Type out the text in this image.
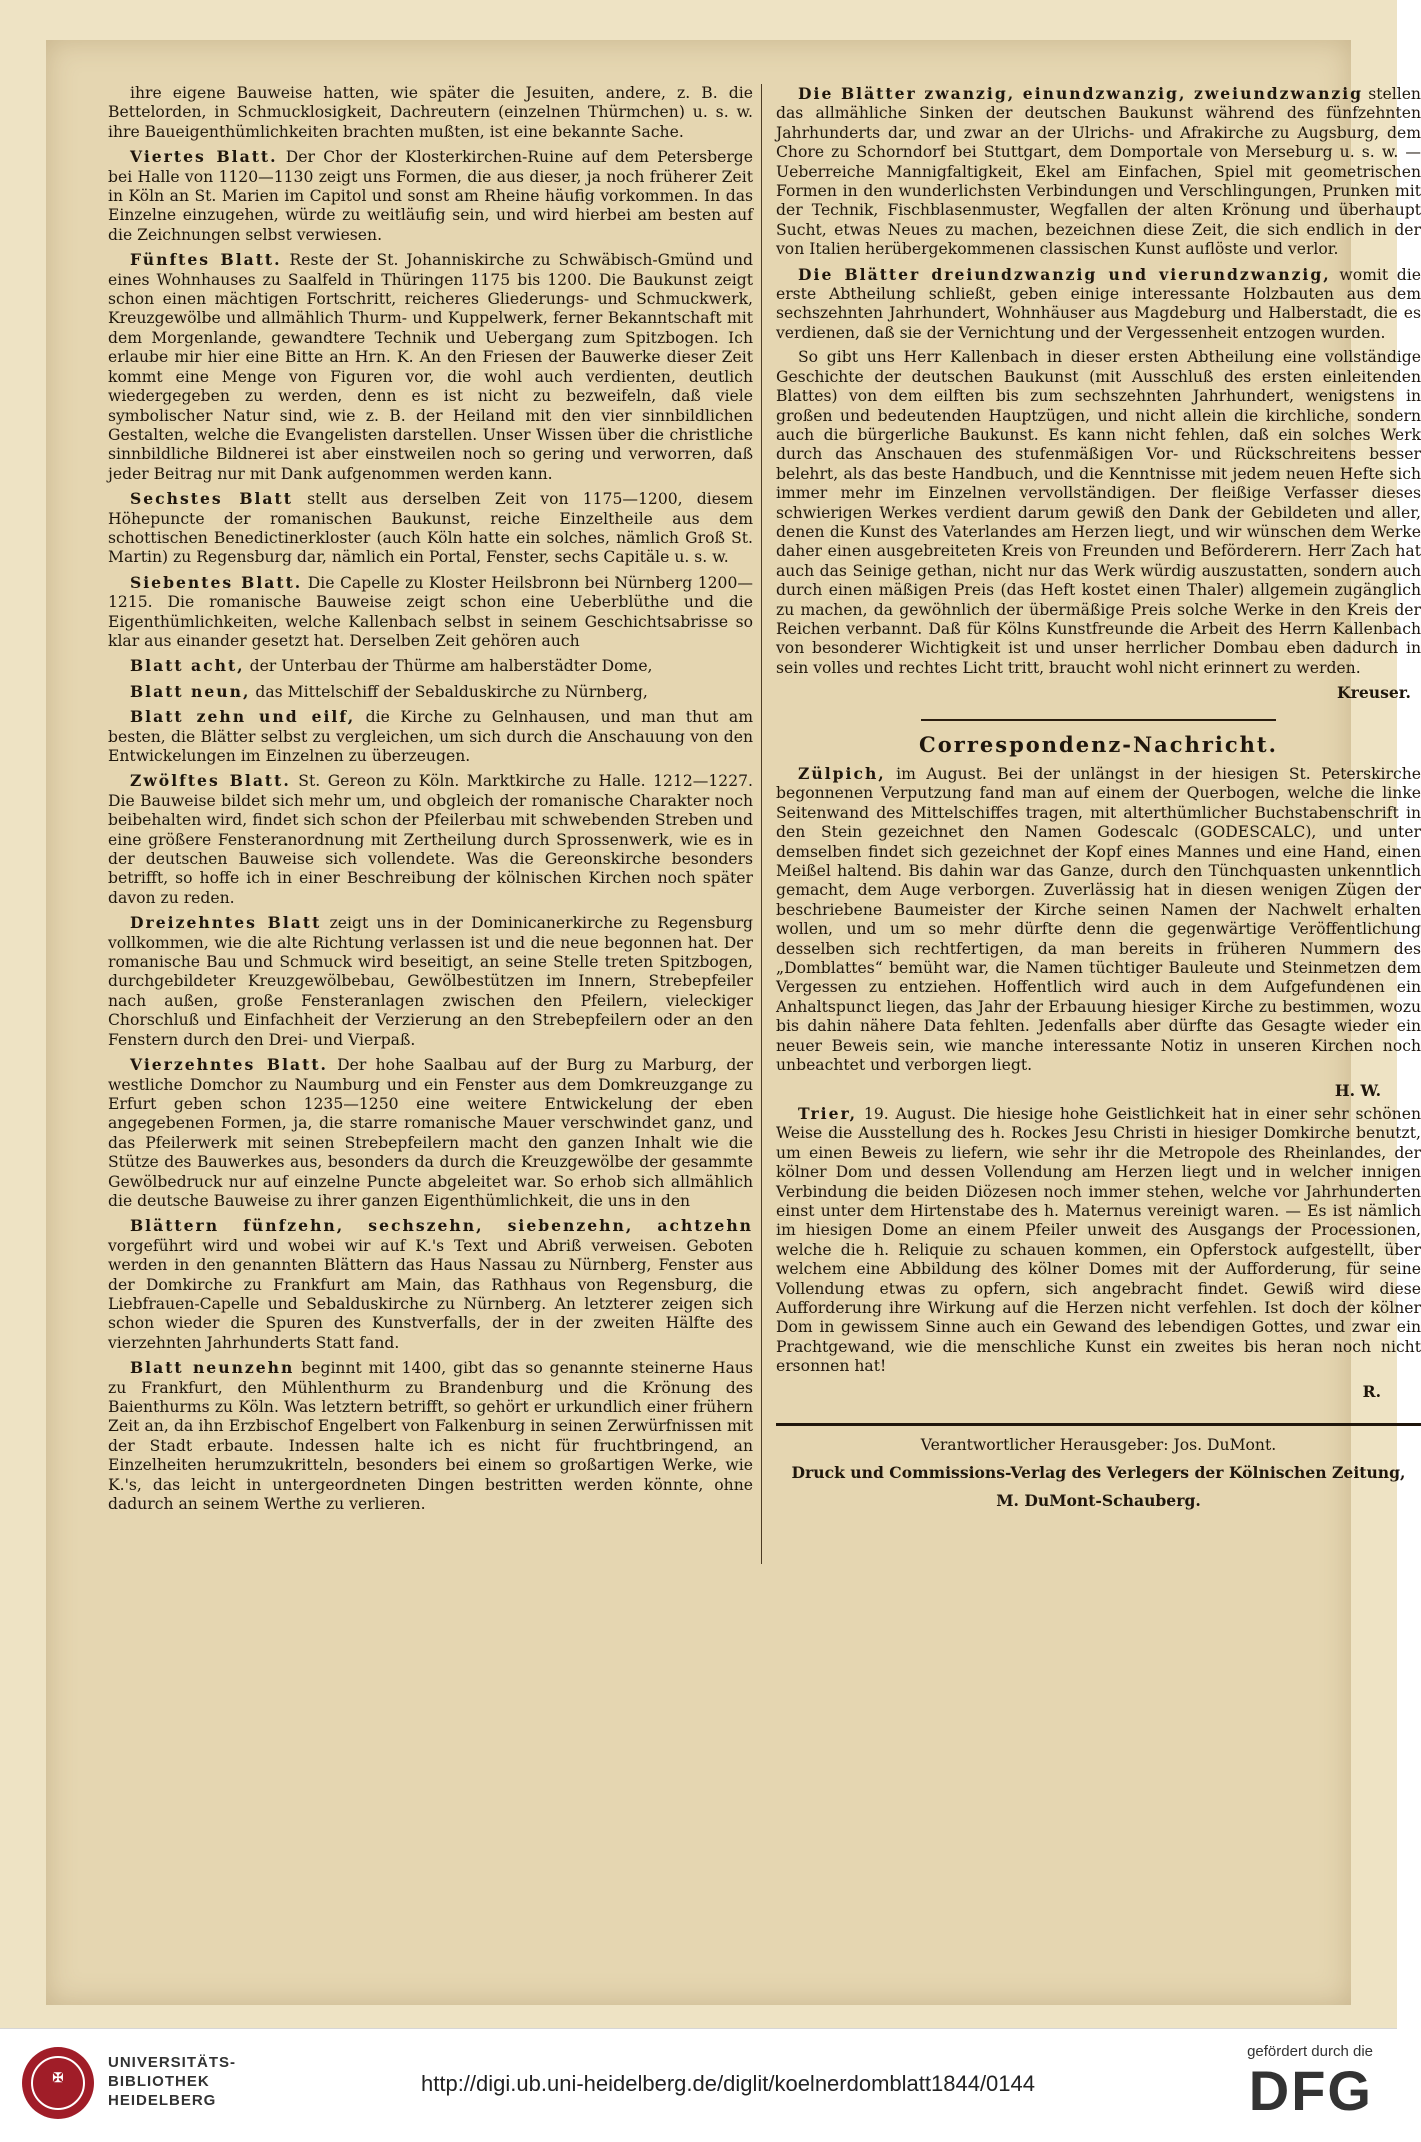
ihre eigene Bauweise hatten, wie später die Jesuiten, andere, z. B. die Bettelorden, in Schmucklosigkeit, Dachreutern (einzelnen Thürmchen) u. s. w. ihre Baueigenthümlichkeiten brachten mußten, ist eine bekannte Sache.

Viertes Blatt. Der Chor der Klosterkirchen-Ruine auf dem Petersberge bei Halle von 1120—1130 zeigt uns Formen, die aus dieser, ja noch früherer Zeit in Köln an St. Marien im Capitol und sonst am Rheine häufig vorkommen. In das Einzelne einzugehen, würde zu weitläufig sein, und wird hierbei am besten auf die Zeichnungen selbst verwiesen.

Fünftes Blatt. Reste der St. Johanniskirche zu Schwäbisch-Gmünd und eines Wohnhauses zu Saalfeld in Thüringen 1175 bis 1200. Die Baukunst zeigt schon einen mächtigen Fortschritt, reicheres Gliederungs- und Schmuckwerk, Kreuzgewölbe und allmählich Thurm- und Kuppelwerk, ferner Bekanntschaft mit dem Morgenlande, gewandtere Technik und Uebergang zum Spitzbogen. Ich erlaube mir hier eine Bitte an Hrn. K. An den Friesen der Bauwerke dieser Zeit kommt eine Menge von Figuren vor, die wohl auch verdienten, deutlich wiedergegeben zu werden, denn es ist nicht zu bezweifeln, daß viele symbolischer Natur sind, wie z. B. der Heiland mit den vier sinnbildlichen Gestalten, welche die Evangelisten darstellen. Unser Wissen über die christliche sinnbildliche Bildnerei ist aber einstweilen noch so gering und verworren, daß jeder Beitrag nur mit Dank aufgenommen werden kann.

Sechstes Blatt stellt aus derselben Zeit von 1175—1200, diesem Höhepuncte der romanischen Baukunst, reiche Einzeltheile aus dem schottischen Benedictinerkloster (auch Köln hatte ein solches, nämlich Groß St. Martin) zu Regensburg dar, nämlich ein Portal, Fenster, sechs Capitäle u. s. w.

Siebentes Blatt. Die Capelle zu Kloster Heilsbronn bei Nürnberg 1200—1215. Die romanische Bauweise zeigt schon eine Ueberblüthe und die Eigenthümlichkeiten, welche Kallenbach selbst in seinem Geschichtsabrisse so klar aus einander gesetzt hat. Derselben Zeit gehören auch

Blatt acht, der Unterbau der Thürme am halberstädter Dome,

Blatt neun, das Mittelschiff der Sebalduskirche zu Nürnberg,

Blatt zehn und eilf, die Kirche zu Gelnhausen, und man thut am besten, die Blätter selbst zu vergleichen, um sich durch die Anschauung von den Entwickelungen im Einzelnen zu überzeugen.

Zwölftes Blatt. St. Gereon zu Köln. Marktkirche zu Halle. 1212—1227. Die Bauweise bildet sich mehr um, und obgleich der romanische Charakter noch beibehalten wird, findet sich schon der Pfeilerbau mit schwebenden Streben und eine größere Fensteranordnung mit Zertheilung durch Sprossenwerk, wie es in der deutschen Bauweise sich vollendete. Was die Gereonskirche besonders betrifft, so hoffe ich in einer Beschreibung der kölnischen Kirchen noch später davon zu reden.

Dreizehntes Blatt zeigt uns in der Dominicanerkirche zu Regensburg vollkommen, wie die alte Richtung verlassen ist und die neue begonnen hat. Der romanische Bau und Schmuck wird beseitigt, an seine Stelle treten Spitzbogen, durchgebildeter Kreuzgewölbebau, Gewölbestützen im Innern, Strebepfeiler nach außen, große Fensteranlagen zwischen den Pfeilern, vieleckiger Chorschluß und Einfachheit der Verzierung an den Strebepfeilern oder an den Fenstern durch den Drei- und Vierpaß.

Vierzehntes Blatt. Der hohe Saalbau auf der Burg zu Marburg, der westliche Domchor zu Naumburg und ein Fenster aus dem Domkreuzgange zu Erfurt geben schon 1235—1250 eine weitere Entwickelung der eben angegebenen Formen, ja, die starre romanische Mauer verschwindet ganz, und das Pfeilerwerk mit seinen Strebepfeilern macht den ganzen Inhalt wie die Stütze des Bauwerkes aus, besonders da durch die Kreuzgewölbe der gesammte Gewölbedruck nur auf einzelne Puncte abgeleitet war. So erhob sich allmählich die deutsche Bauweise zu ihrer ganzen Eigenthümlichkeit, die uns in den

Blättern fünfzehn, sechszehn, siebenzehn, achtzehn vorgeführt wird und wobei wir auf K.'s Text und Abriß verweisen. Geboten werden in den genannten Blättern das Haus Nassau zu Nürnberg, Fenster aus der Domkirche zu Frankfurt am Main, das Rathhaus von Regensburg, die Liebfrauen-Capelle und Sebalduskirche zu Nürnberg. An letzterer zeigen sich schon wieder die Spuren des Kunstverfalls, der in der zweiten Hälfte des vierzehnten Jahrhunderts Statt fand.

Blatt neunzehn beginnt mit 1400, gibt das so genannte steinerne Haus zu Frankfurt, den Mühlenthurm zu Brandenburg und die Krönung des Baienthurms zu Köln. Was letztern betrifft, so gehört er urkundlich einer frühern Zeit an, da ihn Erzbischof Engelbert von Falkenburg in seinen Zerwürfnissen mit der Stadt erbaute. Indessen halte ich es nicht für fruchtbringend, an Einzelheiten herumzukritteln, besonders bei einem so großartigen Werke, wie K.'s, das leicht in untergeordneten Dingen bestritten werden könnte, ohne dadurch an seinem Werthe zu verlieren.

Die Blätter zwanzig, einundzwanzig, zweiundzwanzig stellen das allmähliche Sinken der deutschen Baukunst während des fünfzehnten Jahrhunderts dar, und zwar an der Ulrichs- und Afrakirche zu Augsburg, dem Chore zu Schorndorf bei Stuttgart, dem Domportale von Merseburg u. s. w. — Ueberreiche Mannigfaltigkeit, Ekel am Einfachen, Spiel mit geometrischen Formen in den wunderlichsten Verbindungen und Verschlingungen, Prunken mit der Technik, Fischblasenmuster, Wegfallen der alten Krönung und überhaupt Sucht, etwas Neues zu machen, bezeichnen diese Zeit, die sich endlich in der von Italien herübergekommenen classischen Kunst auflöste und verlor.

Die Blätter dreiundzwanzig und vierundzwanzig, womit die erste Abtheilung schließt, geben einige interessante Holzbauten aus dem sechszehnten Jahrhundert, Wohnhäuser aus Magdeburg und Halberstadt, die es verdienen, daß sie der Vernichtung und der Vergessenheit entzogen wurden.

So gibt uns Herr Kallenbach in dieser ersten Abtheilung eine vollständige Geschichte der deutschen Baukunst (mit Ausschluß des ersten einleitenden Blattes) von dem eilften bis zum sechszehnten Jahrhundert, wenigstens in großen und bedeutenden Hauptzügen, und nicht allein die kirchliche, sondern auch die bürgerliche Baukunst. Es kann nicht fehlen, daß ein solches Werk durch das Anschauen des stufenmäßigen Vor- und Rückschreitens besser belehrt, als das beste Handbuch, und die Kenntnisse mit jedem neuen Hefte sich immer mehr im Einzelnen vervollständigen. Der fleißige Verfasser dieses schwierigen Werkes verdient darum gewiß den Dank der Gebildeten und aller, denen die Kunst des Vaterlandes am Herzen liegt, und wir wünschen dem Werke daher einen ausgebreiteten Kreis von Freunden und Beförderern. Herr Zach hat auch das Seinige gethan, nicht nur das Werk würdig auszustatten, sondern auch durch einen mäßigen Preis (das Heft kostet einen Thaler) allgemein zugänglich zu machen, da gewöhnlich der übermäßige Preis solche Werke in den Kreis der Reichen verbannt. Daß für Kölns Kunstfreunde die Arbeit des Herrn Kallenbach von besonderer Wichtigkeit ist und unser herrlicher Dombau eben dadurch in sein volles und rechtes Licht tritt, braucht wohl nicht erinnert zu werden.

Kreuser.
Correspondenz-Nachricht.

Zülpich, im August. Bei der unlängst in der hiesigen St. Peterskirche begonnenen Verputzung fand man auf einem der Querbogen, welche die linke Seitenwand des Mittelschiffes tragen, mit alterthümlicher Buchstabenschrift in den Stein gezeichnet den Namen Godescalc (GODESCALC), und unter demselben findet sich gezeichnet der Kopf eines Mannes und eine Hand, einen Meißel haltend. Bis dahin war das Ganze, durch den Tünchquasten unkenntlich gemacht, dem Auge verborgen. Zuverlässig hat in diesen wenigen Zügen der beschriebene Baumeister der Kirche seinen Namen der Nachwelt erhalten wollen, und um so mehr dürfte denn die gegenwärtige Veröffentlichung desselben sich rechtfertigen, da man bereits in früheren Nummern des „Domblattes“ bemüht war, die Namen tüchtiger Bauleute und Steinmetzen dem Vergessen zu entziehen. Hoffentlich wird auch in dem Aufgefundenen ein Anhaltspunct liegen, das Jahr der Erbauung hiesiger Kirche zu bestimmen, wozu bis dahin nähere Data fehlten. Jedenfalls aber dürfte das Gesagte wieder ein neuer Beweis sein, wie manche interessante Notiz in unseren Kirchen noch unbeachtet und verborgen liegt.

H. W.

Trier, 19. August. Die hiesige hohe Geistlichkeit hat in einer sehr schönen Weise die Ausstellung des h. Rockes Jesu Christi in hiesiger Domkirche benutzt, um einen Beweis zu liefern, wie sehr ihr die Metropole des Rheinlandes, der kölner Dom und dessen Vollendung am Herzen liegt und in welcher innigen Verbindung die beiden Diözesen noch immer stehen, welche vor Jahrhunderten einst unter dem Hirtenstabe des h. Maternus vereinigt waren. — Es ist nämlich im hiesigen Dome an einem Pfeiler unweit des Ausgangs der Processionen, welche die h. Reliquie zu schauen kommen, ein Opferstock aufgestellt, über welchem eine Abbildung des kölner Domes mit der Aufforderung, für seine Vollendung etwas zu opfern, sich angebracht findet. Gewiß wird diese Aufforderung ihre Wirkung auf die Herzen nicht verfehlen. Ist doch der kölner Dom in gewissem Sinne auch ein Gewand des lebendigen Gottes, und zwar ein Prachtgewand, wie die menschliche Kunst ein zweites bis heran noch nicht ersonnen hat!

R.
Verantwortlicher Herausgeber: Jos. DuMont.
Druck und Commissions-Verlag des Verlegers der Kölnischen Zeitung,
M. DuMont-Schauberg.
✠
UNIVERSITÄTS-
BIBLIOTHEK
HEIDELBERG
http://digi.ub.uni-heidelberg.de/diglit/koelnerdomblatt1844/0144
gefördert durch die
DFG
